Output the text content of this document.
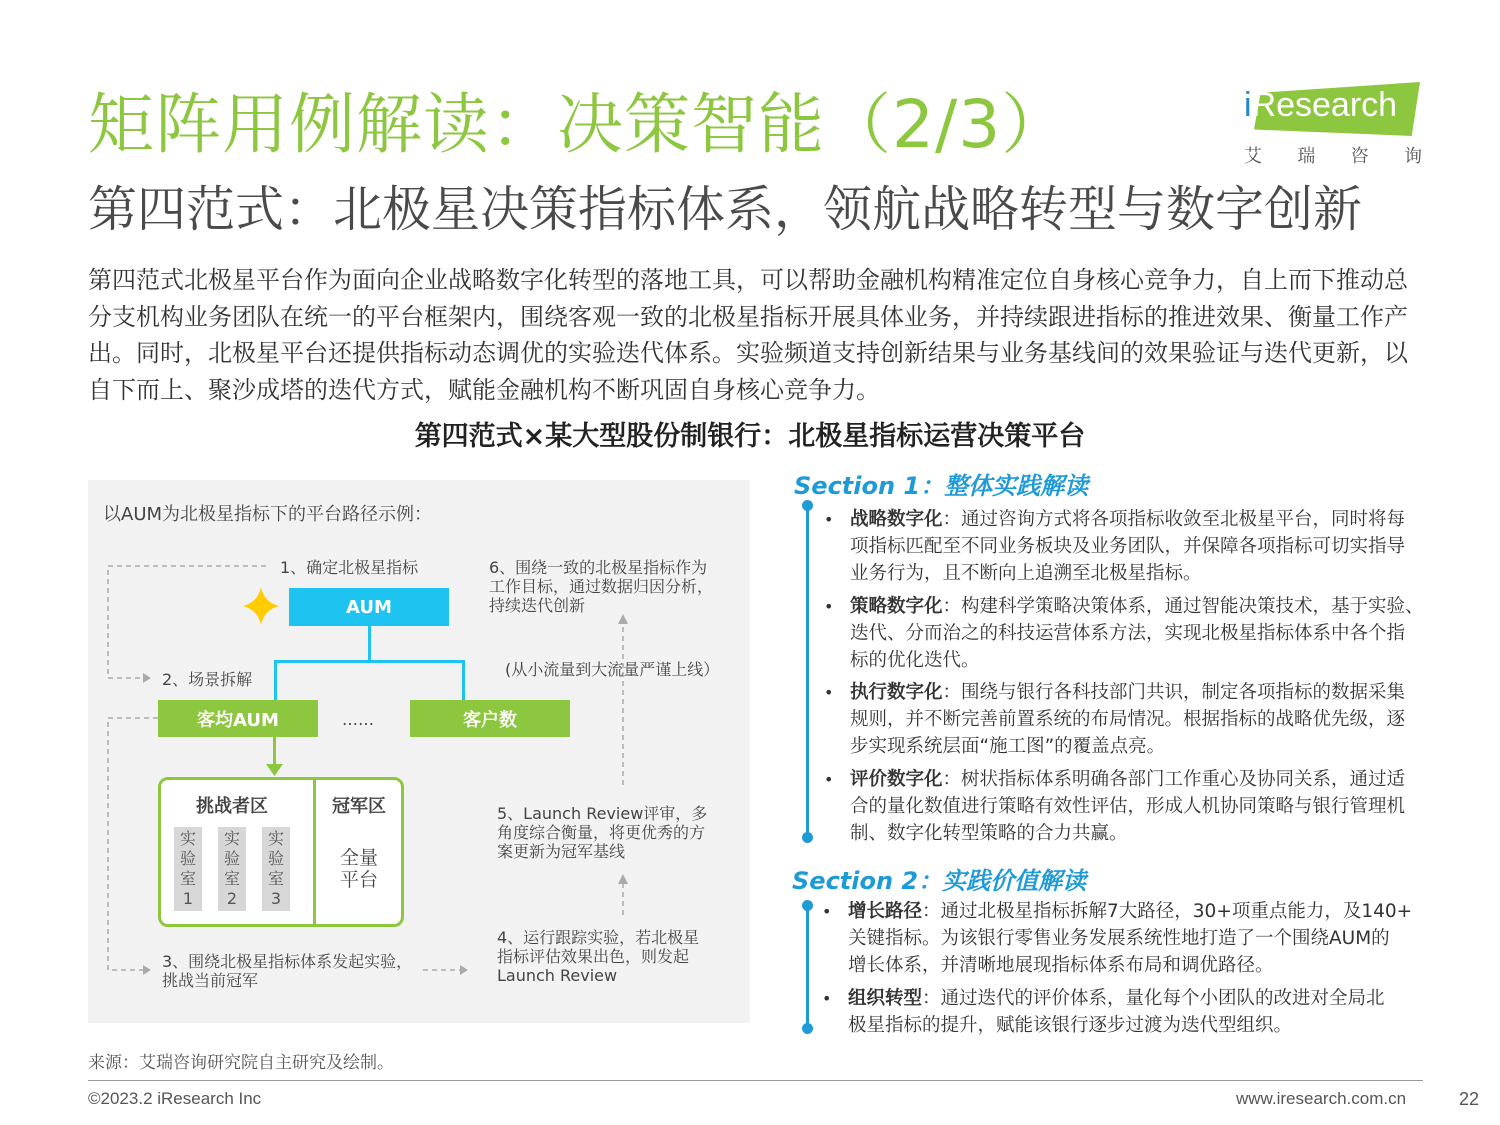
矩阵用例解读：决策智能（2/3）
第四范式：北极星决策指标体系，领航战略转型与数字创新
iResearch
艾 瑞 咨 询
第四范式北极星平台作为面向企业战略数字化转型的落地工具，可以帮助金融机构精准定位自身核心竞争力，自上而下推动总分支机构业务团队在统一的平台框架内，围绕客观一致的北极星指标开展具体业务，并持续跟进指标的推进效果、衡量工作产出。同时，北极星平台还提供指标动态调优的实验迭代体系。实验频道支持创新结果与业务基线间的效果验证与迭代更新，以自下而上、聚沙成塔的迭代方式，赋能金融机构不断巩固自身核心竞争力。
第四范式×某大型股份制银行：北极星指标运营决策平台
以AUM为北极星指标下的平台路径示例：
1、确定北极星指标
AUM
2、场景拆解
客均AUM	……	客户数
挑战者区	冠军区
实
验
室
1
实
验
室
2
实
验
室
3
全量
平台
3、围绕北极星指标体系发起实验，
挑战当前冠军
4、运行跟踪实验，若北极星
指标评估效果出色，则发起
Launch Review
5、Launch Review评审，多
角度综合衡量，将更优秀的方
案更新为冠军基线
6、围绕一致的北极星指标作为
工作目标，通过数据归因分析，
持续迭代创新
(从小流量到大流量严谨上线）
Section 1：整体实践解读
• 战略数字化：通过咨询方式将各项指标收敛至北极星平台，同时将每
项指标匹配至不同业务板块及业务团队，并保障各项指标可切实指导
业务行为，且不断向上追溯至北极星指标。
• 策略数字化：构建科学策略决策体系，通过智能决策技术，基于实验、
迭代、分而治之的科技运营体系方法，实现北极星指标体系中各个指
标的优化迭代。
• 执行数字化：围绕与银行各科技部门共识，制定各项指标的数据采集
规则，并不断完善前置系统的布局情况。根据指标的战略优先级，逐
步实现系统层面“施工图”的覆盖点亮。
• 评价数字化：树状指标体系明确各部门工作重心及协同关系，通过适
合的量化数值进行策略有效性评估，形成人机协同策略与银行管理机
制、数字化转型策略的合力共赢。
Section 2：实践价值解读
• 增长路径：通过北极星指标拆解7大路径，30+项重点能力，及140+
关键指标。为该银行零售业务发展系统性地打造了一个围绕AUM的
增长体系，并清晰地展现指标体系布局和调优路径。
• 组织转型：通过迭代的评价体系，量化每个小团队的改进对全局北
极星指标的提升，赋能该银行逐步过渡为迭代型组织。
来源：艾瑞咨询研究院自主研究及绘制。
©2023.2 iResearch Inc	www.iresearch.com.cn	22
